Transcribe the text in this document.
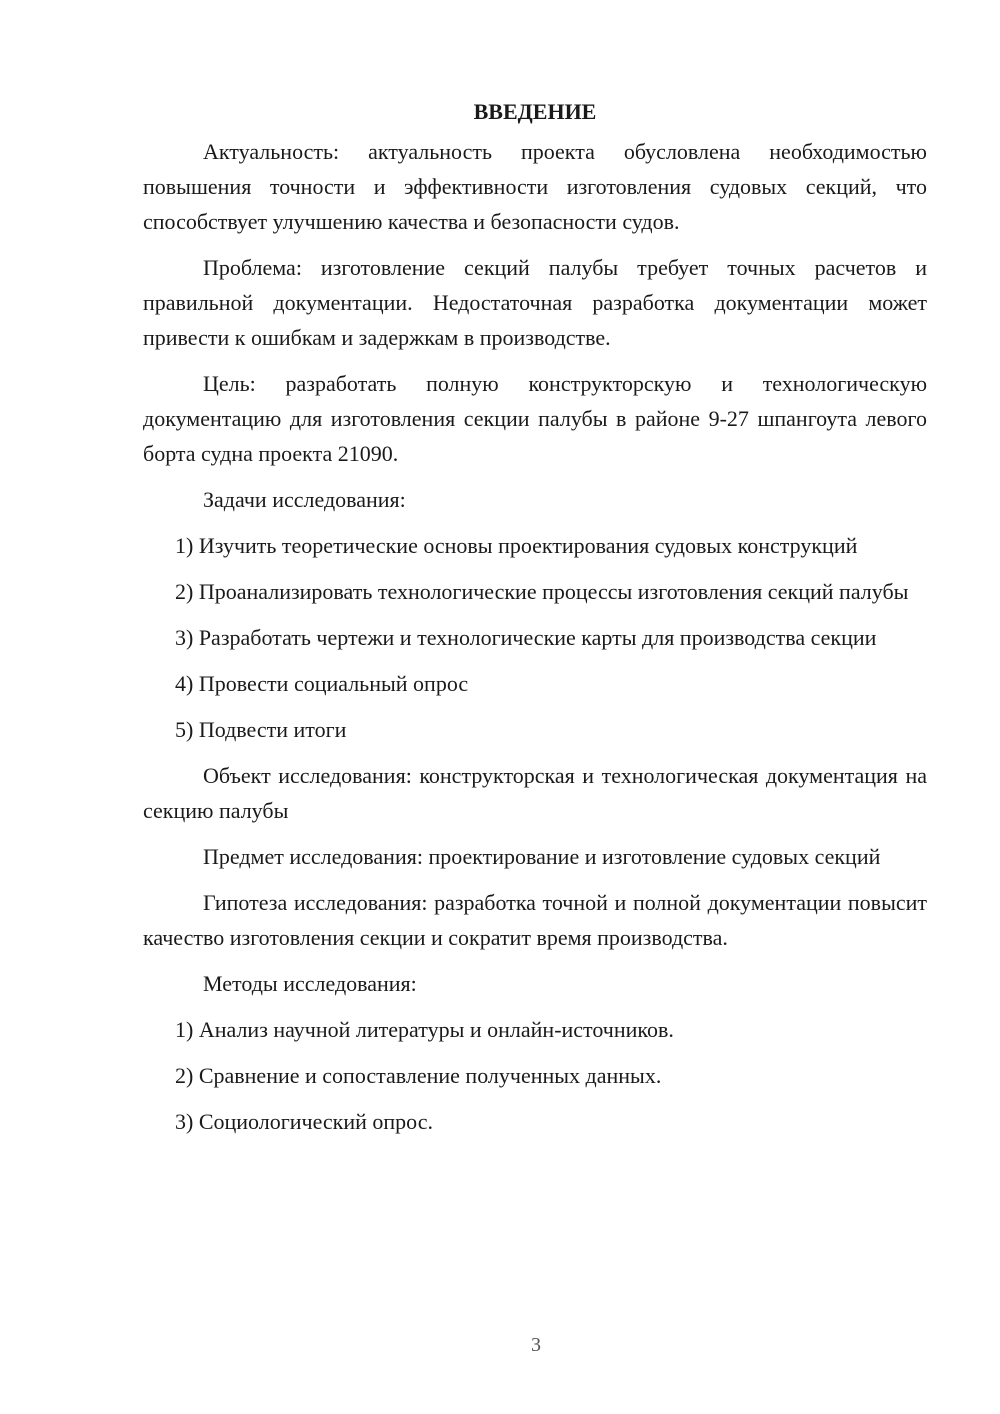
ВВЕДЕНИЕ

Актуальность: актуальность проекта обусловлена необходимостью повышения точности и эффективности изготовления судовых секций, что способствует улучшению качества и безопасности судов.

Проблема: изготовление секций палубы требует точных расчетов и правильной документации. Недостаточная разработка документации может привести к ошибкам и задержкам в производстве.

Цель: разработать полную конструкторскую и технологическую документацию для изготовления секции палубы в районе 9-27 шпангоута левого борта судна проекта 21090.

Задачи исследования:

1) Изучить теоретические основы проектирования судовых конструкций

2) Проанализировать технологические процессы изготовления секций палубы

3) Разработать чертежи и технологические карты для производства секции

4) Провести социальный опрос

5) Подвести итоги

Объект исследования: конструкторская и технологическая документация на секцию палубы

Предмет исследования: проектирование и изготовление судовых секций

Гипотеза исследования: разработка точной и полной документации повысит качество изготовления секции и сократит время производства.

Методы исследования:

1) Анализ научной литературы и онлайн-источников.

2) Сравнение и сопоставление полученных данных.

3) Социологический опрос.

3
